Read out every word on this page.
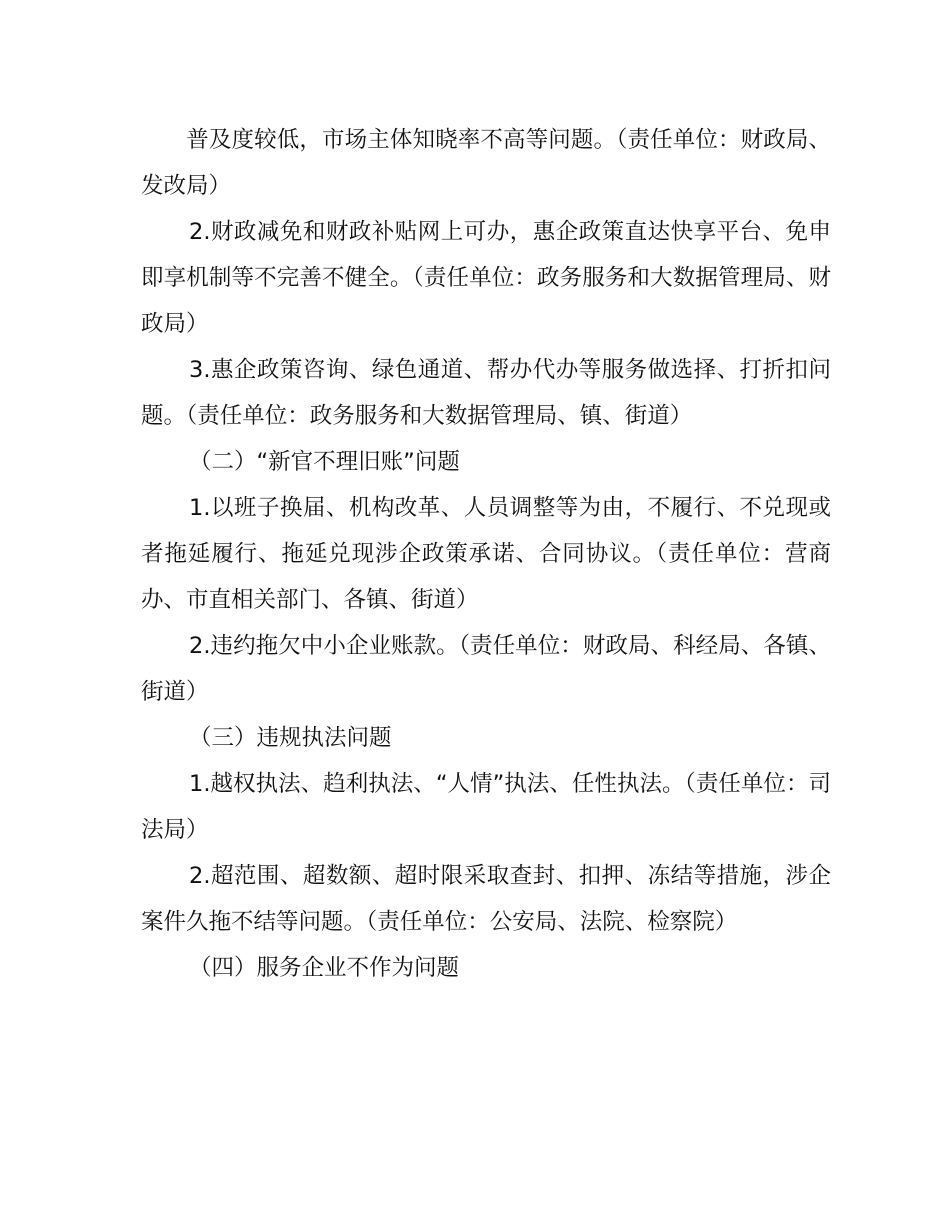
　　普及度较低，市场主体知晓率不高等问题。（责任单位：财政局、发改局）

2.财政减免和财政补贴网上可办，惠企政策直达快享平台、免申即享机制等不完善不健全。（责任单位：政务服务和大数据管理局、财政局）

3.惠企政策咨询、绿色通道、帮办代办等服务做选择、打折扣问题。（责任单位：政务服务和大数据管理局、镇、街道）

（二）“新官不理旧账”问题

1.以班子换届、机构改革、人员调整等为由，不履行、不兑现或者拖延履行、拖延兑现涉企政策承诺、合同协议。（责任单位：营商办、市直相关部门、各镇、街道）

2.违约拖欠中小企业账款。（责任单位：财政局、科经局、各镇、街道）

（三）违规执法问题

1.越权执法、趋利执法、“人情”执法、任性执法。（责任单位：司法局）

2.超范围、超数额、超时限采取查封、扣押、冻结等措施，涉企案件久拖不结等问题。（责任单位：公安局、法院、检察院）

（四）服务企业不作为问题
